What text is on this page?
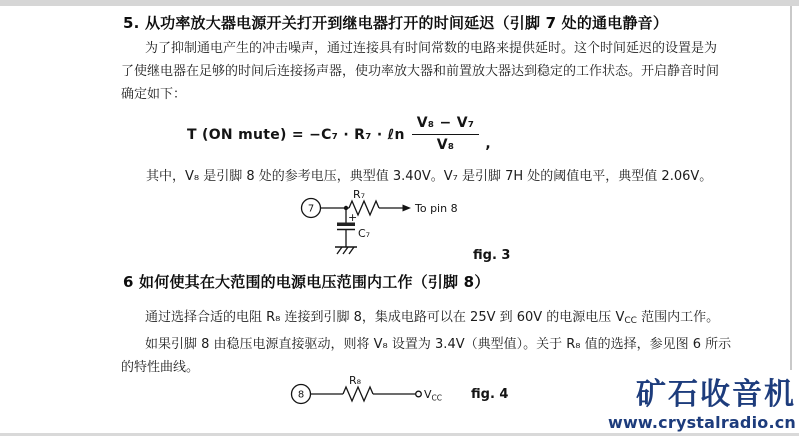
5. 从功率放大器电源开关打开到继电器打开的时间延迟（引脚 7 处的通电静音）
为了抑制通电产生的冲击噪声，通过连接具有时间常数的电路来提供延时。这个时间延迟的设置是为
了使继电器在足够的时间后连接扬声器，使功率放大器和前置放大器达到稳定的工作状态。开启静音时间
确定如下：
T (ON mute) = −C₇ · R₇ · ℓn $\frac{\text{V₈ − V₇}}{\text{V₈}}$ ,
其中，V₈ 是引脚 8 处的参考电压，典型值 3.40V。V₇ 是引脚 7H 处的阈值电平，典型值 2.06V。
7
R₇
To pin 8
+
C₇
fig. 3
6 如何使其在大范围的电源电压范围内工作（引脚 8）
通过选择合适的电阻 R₈ 连接到引脚 8，集成电路可以在 25V 到 60V 的电源电压 $V_{CC}$ 范围内工作。
如果引脚 8 由稳压电源直接驱动，则将 V₈ 设置为 3.4V（典型值）。关于 R₈ 值的选择，参见图 6 所示
的特性曲线。
8
R₈
$V_{CC}$ fig. 4	矿石收音机
www.crystalradio.cn
